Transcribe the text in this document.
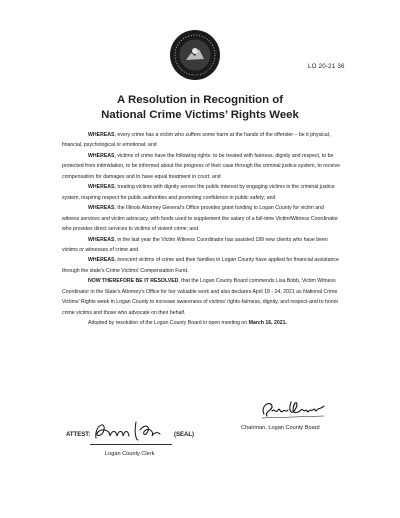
LO 20-21 36
A Resolution in Recognition of
National Crime Victims’ Rights Week

WHEREAS, every crime has a victim who suffers some harm at the hands of the offender – be it physical, financial, psychological or emotional; and

WHEREAS, victims of crime have the following rights: to be treated with fairness, dignity and respect, to be protected from intimidation, to be informed about the progress of their case through the criminal justice system, to receive compensation for damages and to have equal treatment in court; and

WHEREAS, treating victims with dignity serves the public interest by engaging victims in the criminal justice system, inspiring respect for public authorities and promoting confidence in public safety; and

WHEREAS, the Illinois Attorney General’s Office provides grant funding to Logan County for victim and witness services and victim advocacy, with funds used to supplement the salary of a full-time Victim/Witness Coordinator who provides direct services to victims of violent crime; and

WHEREAS, in the last year the Victim Witness Coordinator has assisted 199 new clients who have been victims or witnesses of crime and

WHEREAS, innocent victims of crime and their families in Logan County have applied for financial assistance through the state’s Crime Victims’ Compensation Fund.

NOW THEREFORE BE IT RESOLVED, that the Logan County Board commends Lisa Bobb, Victim Witness Coordinator in the State’s Attorney’s Office for her valuable work and also declares April 18 - 24, 2021 as National Crime Victims’ Rights week in Logan County to increase awareness of victims’ rights-fairness, dignity, and respect-and to honor crime victims and those who advocate on their behalf.

Adopted by resolution of the Logan County Board in open meeting on March 16, 2021.

Chairman, Logan County Board
ATTEST:	(SEAL)
Logan County Clerk
